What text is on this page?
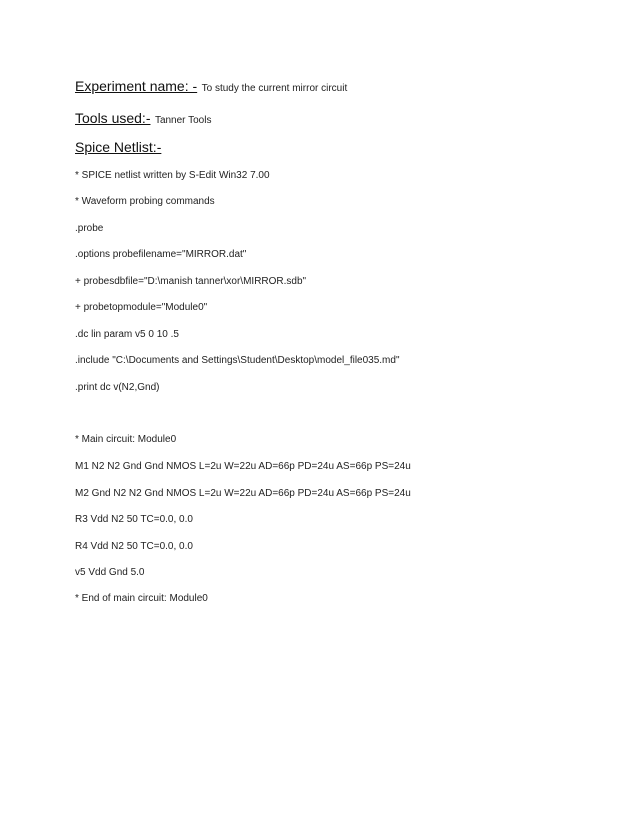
Experiment name: - To study the current mirror circuit
Tools used:- Tanner Tools
Spice Netlist:-
* SPICE netlist written by S-Edit Win32 7.00
* Waveform probing commands
.probe
.options probefilename="MIRROR.dat"
+ probesdbfile="D:\manish tanner\xor\MIRROR.sdb"
+ probetopmodule="Module0"
.dc lin param v5 0 10 .5
.include "C:\Documents and Settings\Student\Desktop\model_file035.md"
.print dc v(N2,Gnd)
* Main circuit: Module0
M1 N2 N2 Gnd Gnd NMOS L=2u W=22u AD=66p PD=24u AS=66p PS=24u
M2 Gnd N2 N2 Gnd NMOS L=2u W=22u AD=66p PD=24u AS=66p PS=24u
R3 Vdd N2 50 TC=0.0, 0.0
R4 Vdd N2 50 TC=0.0, 0.0
v5 Vdd Gnd 5.0
* End of main circuit: Module0
